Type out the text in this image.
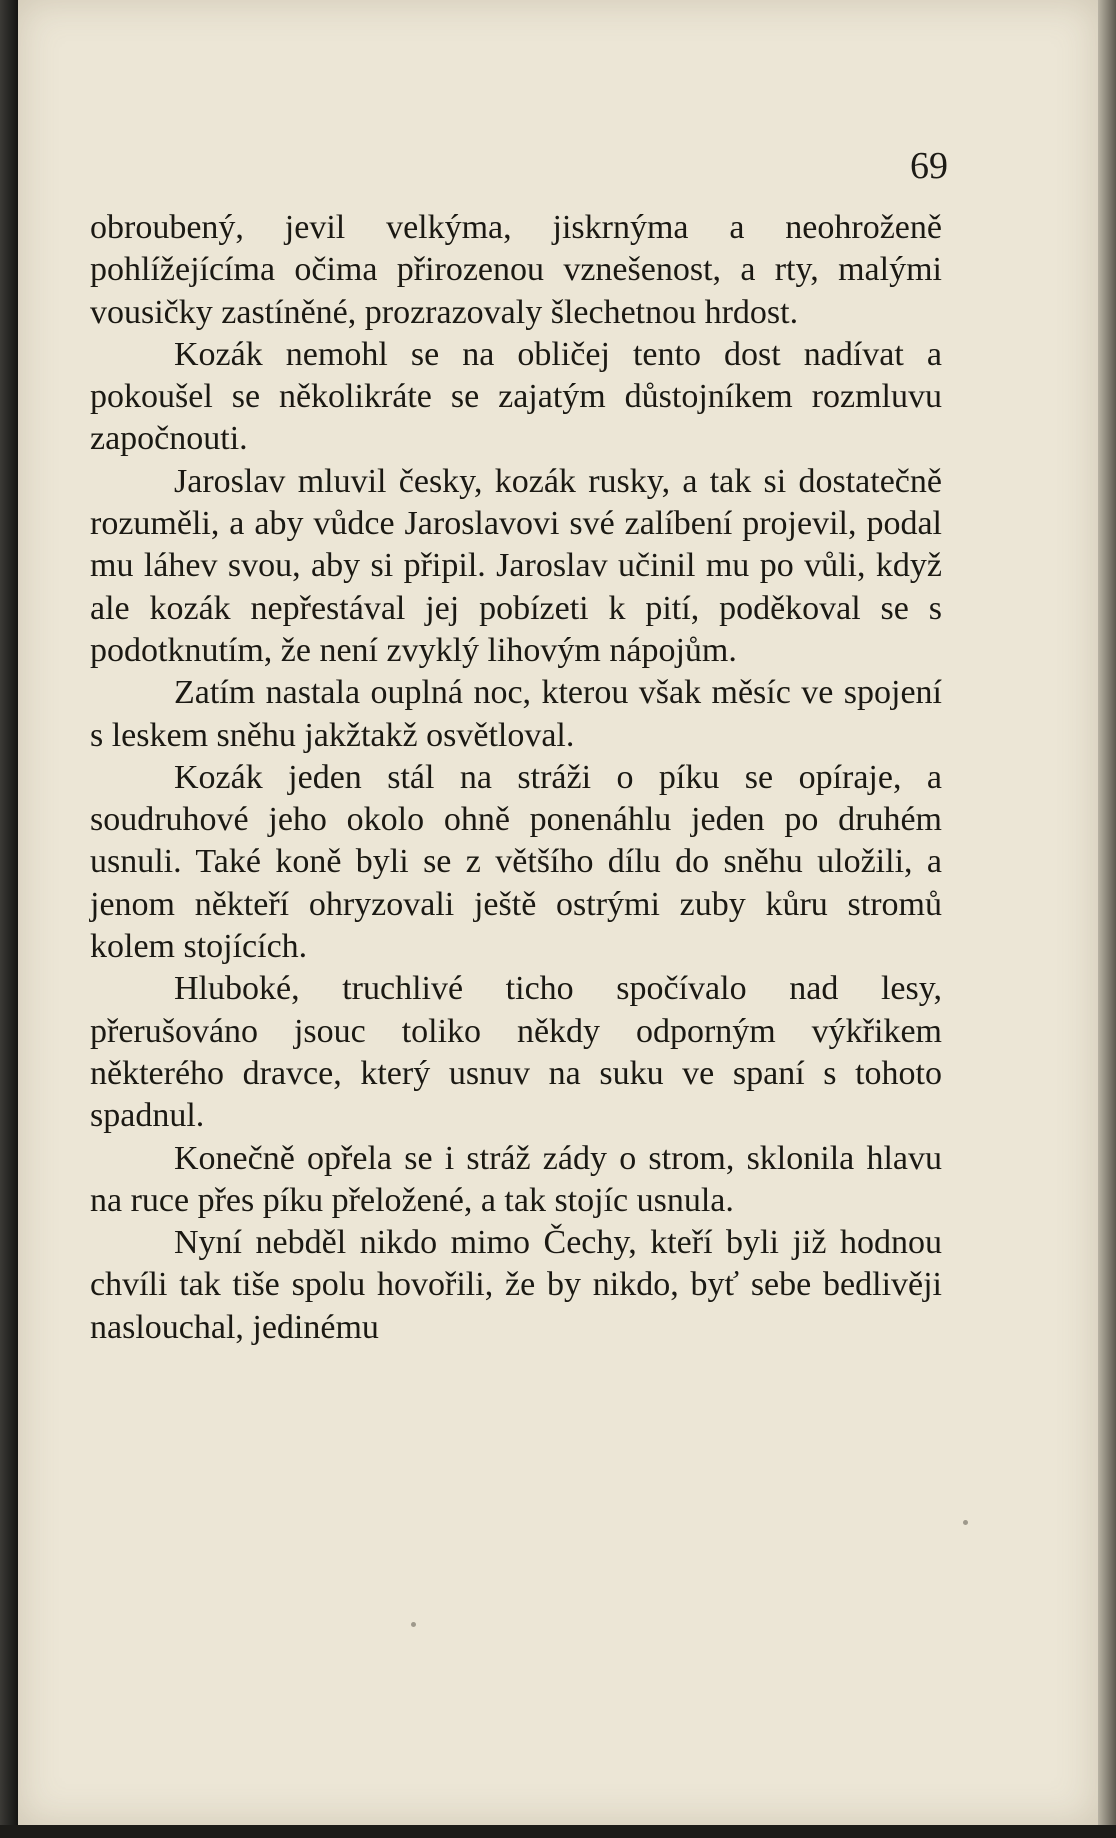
69

obroubený, jevil velkýma, jiskrnýma a neohroženě pohlížejícíma očima přirozenou vznešenost, a rty, malými vousičky zastíněné, prozrazovaly šlechetnou hrdost.

Kozák nemohl se na obličej tento dost nadívat a pokoušel se několikráte se zajatým důstojníkem rozmluvu započnouti.

Jaroslav mluvil česky, kozák rusky, a tak si dostatečně rozuměli, a aby vůdce Jaroslavovi své zalíbení projevil, podal mu láhev svou, aby si připil. Jaroslav učinil mu po vůli, když ale kozák nepřestával jej pobízeti k pití, poděkoval se s podotknutím, že není zvyklý lihovým nápojům.

Zatím nastala ouplná noc, kterou však měsíc ve spojení s leskem sněhu jakžtakž osvětloval.

Kozák jeden stál na stráži o píku se opíraje, a soudruhové jeho okolo ohně ponenáhlu jeden po druhém usnuli. Také koně byli se z většího dílu do sněhu uložili, a jenom někteří ohryzovali ještě ostrými zuby kůru stromů kolem stojících.

Hluboké, truchlivé ticho spočívalo nad lesy, přerušováno jsouc toliko někdy odporným výkřikem některého dravce, který usnuv na suku ve spaní s tohoto spadnul.

Konečně opřela se i stráž zády o strom, sklonila hlavu na ruce přes píku přeložené, a tak stojíc usnula.

Nyní nebděl nikdo mimo Čechy, kteří byli již hodnou chvíli tak tiše spolu hovořili, že by nikdo, byť sebe bedlivěji naslouchal, jedinému
